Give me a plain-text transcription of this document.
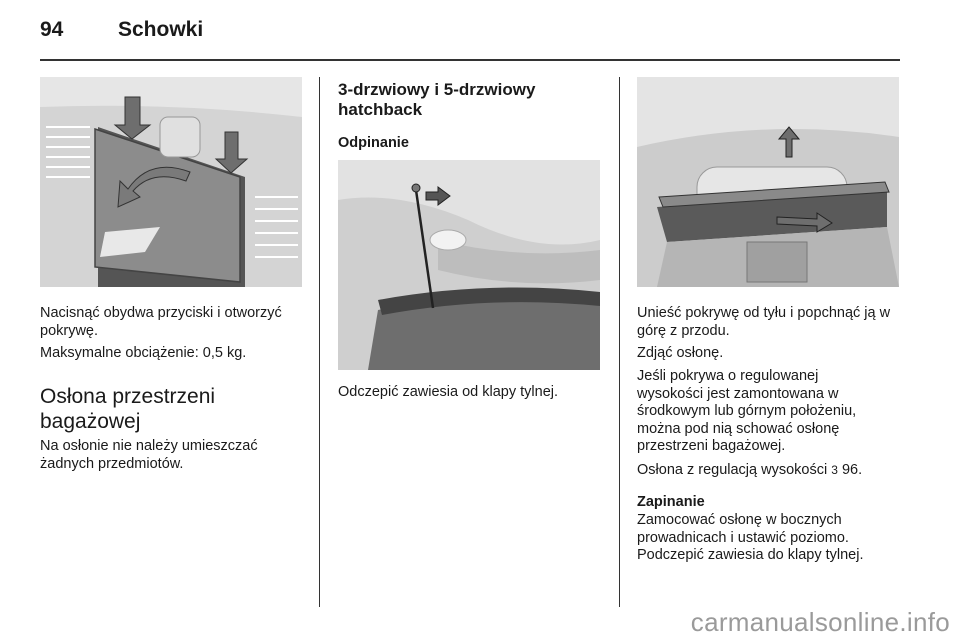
94	Schowki
Nacisnąć obydwa przyciski i otworzyć pokrywę.
Maksymalne obciążenie: 0,5 kg.
Osłona przestrzeni bagażowej
Na osłonie nie należy umieszczać żadnych przedmiotów.
3-drzwiowy i 5-drzwiowy hatchback
Odpinanie
Odczepić zawiesia od klapy tylnej.
Unieść pokrywę od tyłu i popchnąć ją w górę z przodu.
Zdjąć osłonę.
Jeśli pokrywa o regulowanej wysokości jest zamontowana w środkowym lub górnym położeniu, można pod nią schować osłonę przestrzeni bagażowej.
Osłona z regulacją wysokości 3 96.
Zapinanie
Zamocować osłonę w bocznych prowadnicach i ustawić poziomo. Podczepić zawiesia do klapy tylnej.
carmanualsonline.info
